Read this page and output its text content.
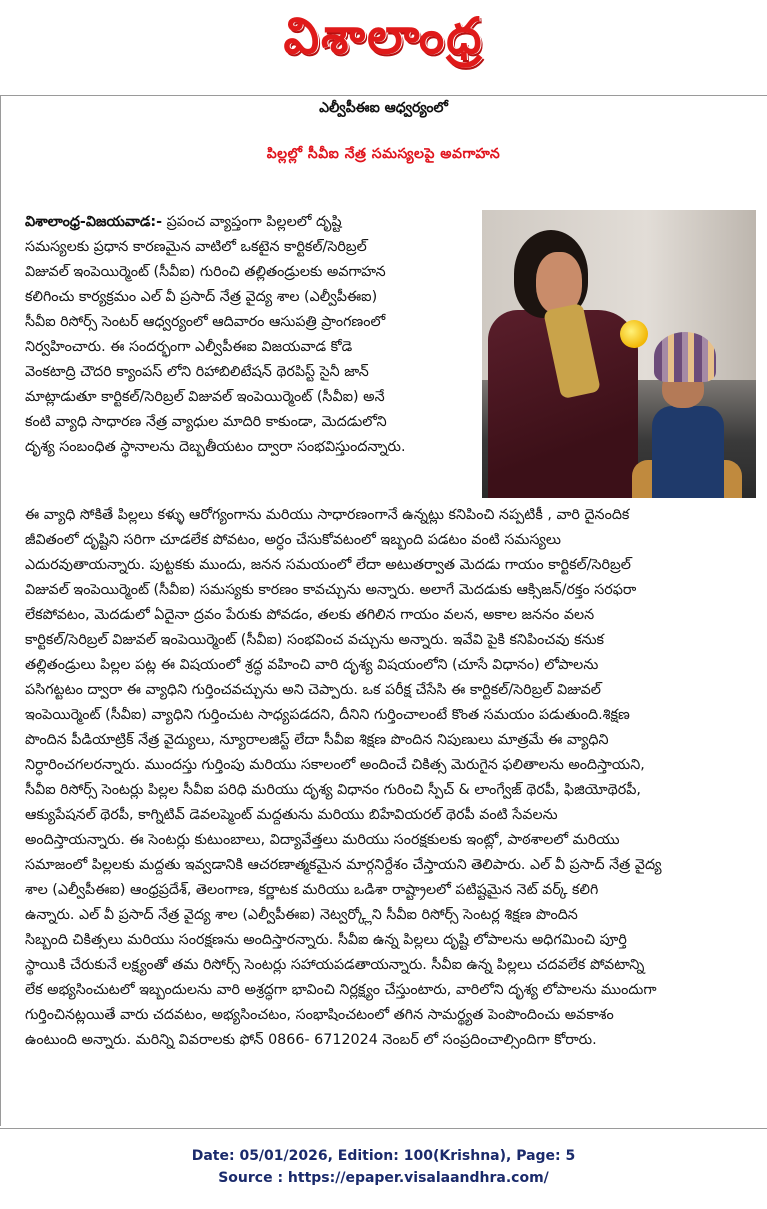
విశాలాంధ్ర
ఎల్వీపీఈఐ ఆధ్వర్యంలో
పిల్లల్లో సీవీఐ నేత్ర సమస్యలపై అవగాహన

విశాలాంధ్ర-విజయవాడ:- ప్రపంచ వ్యాప్తంగా పిల్లలలో దృష్టి

సమస్యలకు ప్రధాన కారణమైన వాటిలో ఒకటైన కార్టికల్/సెరిబ్రల్

విజువల్ ఇంపెయిర్మెంట్ (సీవీఐ) గురించి తల్లితండ్రులకు అవగాహన

కలిగించు కార్యక్రమం ఎల్ వీ ప్రసాద్ నేత్ర వైద్య శాల (ఎల్వీపీఈఐ)

సీవీఐ రిసోర్స్ సెంటర్ ఆధ్వర్యంలో ఆదివారం ఆసుపత్రి ప్రాంగణంలో

నిర్వహించారు. ఈ సందర్భంగా ఎల్వీపీఈఐ విజయవాడ కోడె

వెంకటాద్రి చౌదరి క్యాంపస్ లోని రిహాబిలిటేషన్ థెరపిస్ట్ సైనీ జాన్

మాట్లాడుతూ కార్టికల్/సెరిబ్రల్ విజువల్ ఇంపెయిర్మెంట్ (సీవీఐ) అనే

కంటి వ్యాధి సాధారణ నేత్ర వ్యాధుల మాదిరి కాకుండా, మెదడులోని

దృశ్య సంబంధిత స్థానాలను దెబ్బతీయటం ద్వారా సంభవిస్తుందన్నారు.

ఈ వ్యాధి సోకితే పిల్లలు కళ్ళు ఆరోగ్యంగాను మరియు సాధారణంగానే ఉన్నట్లు కనిపించి నప్పటికీ , వారి దైనందిక

జీవితంలో దృష్టిని సరిగా చూడలేక పోవటం, అర్ధం చేసుకోవటంలో ఇబ్బంది పడటం వంటి సమస్యలు

ఎదురవుతాయన్నారు. పుట్టకకు ముందు, జనన సమయంలో లేదా అటుతర్వాత మెదడు గాయం కార్టికల్/సెరిబ్రల్

విజువల్ ఇంపెయిర్మెంట్ (సీవీఐ) సమస్యకు కారణం కావచ్చును అన్నారు. అలాగే మెదడుకు ఆక్సిజన్/రక్తం సరఫరా

లేకపోవటం, మెదడులో ఏదైనా ద్రవం పేరుకు పోవడం, తలకు తగిలిన గాయం వలన, అకాల జననం వలన

కార్టికల్/సెరిబ్రల్ విజువల్ ఇంపెయిర్మెంట్ (సీవీఐ) సంభవించ వచ్చును అన్నారు. ఇవేవి పైకి కనిపించవు కనుక

తల్లితండ్రులు పిల్లల పట్ల ఈ విషయంలో శ్రద్ధ వహించి వారి దృశ్య విషయంలోని (చూసే విధానం) లోపాలను

పసిగట్టటం ద్వారా ఈ వ్యాధిని గుర్తించవచ్చును అని చెప్పారు. ఒక పరీక్ష చేసేసి ఈ కార్టికల్/సెరిబ్రల్ విజువల్

ఇంపెయిర్మెంట్ (సీవీఐ) వ్యాధిని గుర్తించుట సాధ్యపడదని, దీనిని గుర్తించాలంటే కొంత సమయం పడుతుంది.శిక్షణ

పొందిన పీడియాట్రిక్ నేత్ర వైద్యులు, న్యూరాలజిస్ట్ లేదా సీవీఐ శిక్షణ పొందిన నిపుణులు మాత్రమే ఈ వ్యాధిని

నిర్ధారించగలరన్నారు. ముందస్తు గుర్తింపు మరియు సకాలంలో అందించే చికిత్స మెరుగైన ఫలితాలను అందిస్తాయని,

సీవీఐ రిసోర్స్ సెంటర్లు పిల్లల సీవీఐ పరిధి మరియు దృశ్య విధానం గురించి స్పీచ్ & లాంగ్వేజ్ థెరపీ, ఫిజియోథెరపీ,

ఆక్యుపేషనల్ థెరపీ, కాగ్నిటివ్ డెవలప్మెంట్ మద్దతును మరియు బిహేవియరల్ థెరపీ వంటి సేవలను

అందిస్తాయన్నారు. ఈ సెంటర్లు కుటుంబాలు, విద్యావేత్తలు మరియు సంరక్షకులకు ఇంట్లో, పాఠశాలలో మరియు

సమాజంలో పిల్లలకు మద్దతు ఇవ్వడానికి ఆచరణాత్మకమైన మార్గనిర్దేశం చేస్తాయని తెలిపారు. ఎల్ వీ ప్రసాద్ నేత్ర వైద్య

శాల (ఎల్వీపీఈఐ) ఆంధ్రప్రదేశ్, తెలంగాణ, కర్ణాటక మరియు ఒడిశా రాష్ట్రాలలో పటిష్టమైన నెట్ వర్క్ కలిగి

ఉన్నారు. ఎల్ వీ ప్రసాద్ నేత్ర వైద్య శాల (ఎల్వీపీఈఐ) నెట్వర్క్లోని సీవీఐ రిసోర్స్ సెంటర్ల శిక్షణ పొందిన

సిబ్బంది చికిత్సలు మరియు సంరక్షణను అందిస్తారన్నారు. సీవీఐ ఉన్న పిల్లలు దృష్టి లోపాలను అధిగమించి పూర్తి

స్థాయికి చేరుకునే లక్ష్యంతో తమ రిసోర్స్ సెంటర్లు సహాయపడతాయన్నారు. సీవీఐ ఉన్న పిల్లలు చదవలేక పోవటాన్ని

లేక అభ్యసించుటలో ఇబ్బందులను వారి అశ్రద్ధగా భావించి నిర్లక్ష్యం చేస్తుంటారు, వారిలోని దృశ్య లోపాలను ముందుగా

గుర్తించినట్లయితే వారు చదవటం, అభ్యసించటం, సంభాషించటంలో తగిన సామర్థ్యత పెంపొందించు అవకాశం

ఉంటుంది అన్నారు. మరిన్ని వివరాలకు ఫోన్ 0866- 6712024 నెంబర్ లో సంప్రదించాల్సిందిగా కోరారు.

Date: 05/01/2026, Edition: 100(Krishna), Page: 5
Source : https://epaper.visalaandhra.com/
